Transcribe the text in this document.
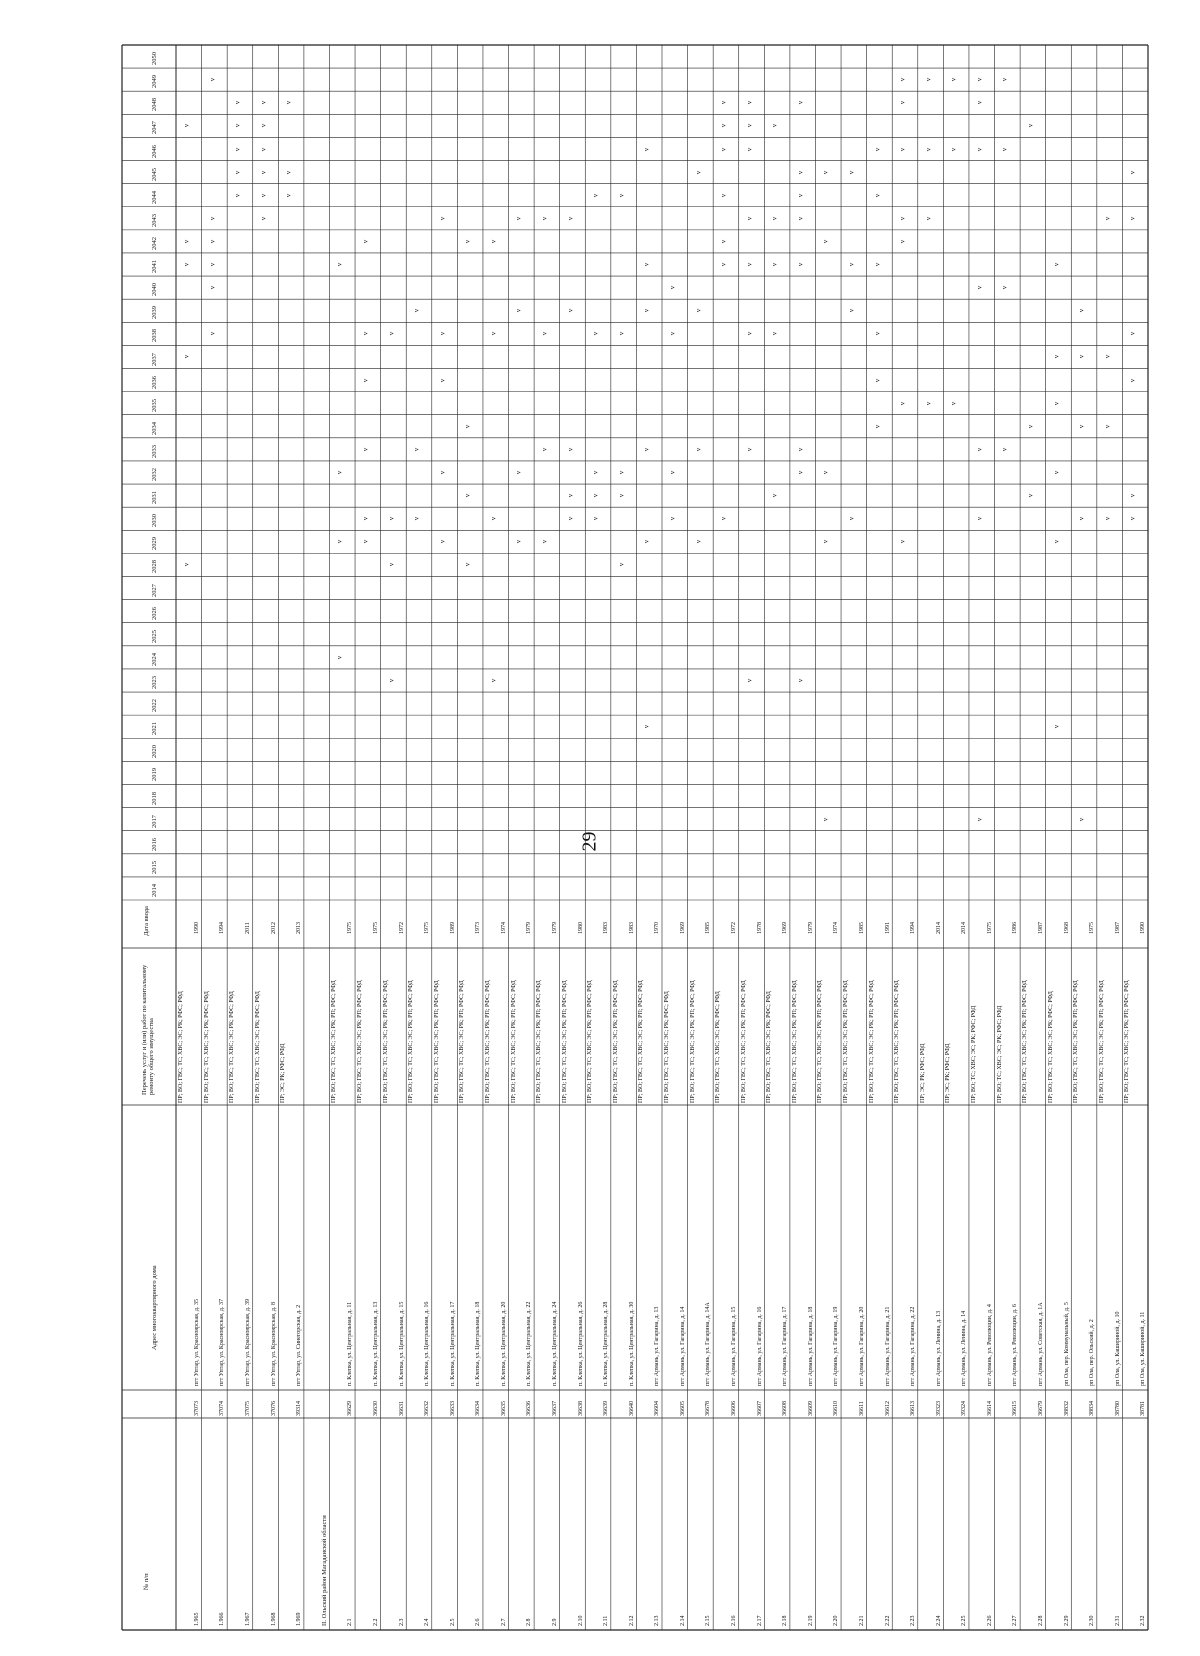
29
№ п/п
Адрес многоквартирного дома
Перечень услуг и (или) работ по капитальному ремонту общего имущества
Дата ввода
2014
2015
2016
2017
2018
2019
2020
2021
2022
2023
2024
2025
2026
2027
2028
2029
2030
2031
2032
2033
2034
2035
2036
2037
2038
2039
2040
2041
2042
2043
2044
2045
2046
2047
2048
2049
2050
II. Ольский район Магаданской области
1.965
37073
пгт Уптар, ул. Красноярская, д. 35
ПР; ВО; ГВС; ТС; ХВС; ЭС; РК; РФС; РФД
1990
v
v
v
v
v
1.966
37074
пгт Уптар, ул. Красноярская, д. 37
ПР; ВО; ГВС; ТС; ХВС; ЭС; РК; РФС; РФД
1994
v
v
v
v
v
v
1.967
37075
пгт Уптар, ул. Красноярская, д. 39
ПР; ВО; ГВС; ТС; ХВС; ЭС; РК; РФС; РФД
2011
v
v
v
v
v
1.968
37076
пгт Уптар, ул. Красноярская, д. 8
ПР; ВО; ГВС; ТС; ХВС; ЭС; РК; РФС; РФД
2012
v
v
v
v
v
v
1.969
39314
пгт Уптар, ул. Синегорская, д. 2
ПР; ЭС; РК; РФС; РФД
2013
v
v
v
2.1
36629
п. Клепка, ул. Центральная, д. 11
ПР; ВО; ГВС; ТС; ХВС; ЭС; РК; РП; РФС; РФД
1975
v
v
v
v
2.2
36630
п. Клепка, ул. Центральная, д. 13
ПР; ВО; ГВС; ТС; ХВС; ЭС; РК; РП; РФС; РФД
1975
v
v
v
v
v
v
2.3
36631
п. Клепка, ул. Центральная, д. 15
ПР; ВО; ГВС; ТС; ХВС; ЭС; РК; РП; РФС; РФД
1972
v
v
v
v
2.4
36632
п. Клепка, ул. Центральная, д. 16
ПР; ВО; ГВС; ТС; ХВС; ЭС; РК; РП; РФС; РФД
1975
v
v
v
2.5
36633
п. Клепка, ул. Центральная, д. 17
ПР; ВО; ГВС; ТС; ХВС; ЭС; РК; РП; РФС; РФД
1989
v
v
v
v
v
2.6
36634
п. Клепка, ул. Центральная, д. 18
ПР; ВО; ГВС; ТС; ХВС; ЭС; РК; РП; РФС; РФД
1973
v
v
v
v
2.7
36635
п. Клепка, ул. Центральная, д. 20
ПР; ВО; ГВС; ТС; ХВС; ЭС; РК; РП; РФС; РФД
1974
v
v
v
v
2.8
36636
п. Клепка, ул. Центральная, д. 22
ПР; ВО; ГВС; ТС; ХВС; ЭС; РК; РП; РФС; РФД
1979
v
v
v
v
2.9
36637
п. Клепка, ул. Центральная, д. 24
ПР; ВО; ГВС; ТС; ХВС; ЭС; РК; РП; РФС; РФД
1979
v
v
v
v
2.10
36638
п. Клепка, ул. Центральная, д. 26
ПР; ВО; ГВС; ТС; ХВС; ЭС; РК; РП; РФС; РФД
1980
v
v
v
v
v
2.11
36639
п. Клепка, ул. Центральная, д. 28
ПР; ВО; ГВС; ТС; ХВС; ЭС; РК; РП; РФС; РФД
1983
v
v
v
v
v
2.12
36640
п. Клепка, ул. Центральная, д. 30
ПР; ВО; ГВС; ТС; ХВС; ЭС; РК; РП; РФС; РФД
1983
v
v
v
v
v
2.13
36604
пгт Армань, ул. Гагарина, д. 13
ПР; ВО; ГВС; ТС; ХВС; ЭС; РК; РП; РФС; РФД
1970
v
v
v
v
v
v
2.14
36605
пгт Армань, ул. Гагарина, д. 14
ПР; ВО; ГВС; ТС; ХВС; ЭС; РК; РФС; РФД
1969
v
v
v
v
2.15
36678
пгт Армань, ул. Гагарина, д. 14А
ПР; ВО; ГВС; ТС; ХВС; ЭС; РК; РП; РФС; РФД
1985
v
v
v
v
2.16
36606
пгт Армань, ул. Гагарина, д. 15
ПР; ВО; ГВС; ТС; ХВС; ЭС; РК; РФС; РФД
1972
v
v
v
v
v
v
v
2.17
36607
пгт Армань, ул. Гагарина, д. 16
ПР; ВО; ГВС; ТС; ХВС; ЭС; РК; РП; РФС; РФД
1978
v
v
v
v
v
v
v
v
2.18
36608
пгт Армань, ул. Гагарина, д. 17
ПР; ВО; ГВС; ТС; ХВС; ЭС; РК; РФС; РФД
1969
v
v
v
v
v
2.19
36609
пгт Армань, ул. Гагарина, д. 18
ПР; ВО; ГВС; ТС; ХВС; ЭС; РК; РП; РФС; РФД
1979
v
v
v
v
v
v
v
v
2.20
36610
пгт Армань, ул. Гагарина, д. 19
ПР; ВО; ГВС; ТС; ХВС; ЭС; РК; РП; РФС; РФД
1974
v
v
v
v
v
2.21
36611
пгт Армань, ул. Гагарина, д. 20
ПР; ВО; ГВС; ТС; ХВС; ЭС; РК; РП; РФС; РФД
1985
v
v
v
v
2.22
36612
пгт Армань, ул. Гагарина, д. 21
ПР; ВО; ГВС; ТС; ХВС; ЭС; РК; РП; РФС; РФД
1991
v
v
v
v
v
v
2.23
36613
пгт Армань, ул. Гагарина, д. 22
ПР; ВО; ГВС; ТС; ХВС; ЭС; РК; РП; РФС; РФД
1994
v
v
v
v
v
v
v
2.24
39323
пгт Армань, ул. Ленина, д. 13
ПР; ЭС; РК; РФС; РФД
2014
v
v
v
v
2.25
39324
пгт Армань, ул. Ленина, д. 14
ПР; ЭС; РК; РФС; РФД
2014
v
v
v
2.26
36614
пгт Армань, ул. Революции, д. 4
ПР; ВО; ТС; ХВС; ЭС; РК; РФС; РФД
1975
v
v
v
v
v
v
v
2.27
36615
пгт Армань, ул. Революции, д. 6
ПР; ВО; ТС; ХВС; ЭС; РК; РФС; РФД
1986
v
v
v
v
2.28
36679
пгт Армань, ул. Советская, д. 1А
ПР; ВО; ГВС; ТС; ХВС; ЭС; РК; РП; РФС; РФД
1987
v
v
v
2.29
38832
рп Ола, пер. Коммунальный, д. 5
ПР; ВО; ГВС; ТС; ХВС; ЭС; РК; РФС; РФД
1968
v
v
v
v
v
v
2.30
38834
рп Ола, пер. Ольский, д. 2
ПР; ВО; ГВС; ТС; ХВС; ЭС; РК; РП; РФС; РФД
1975
v
v
v
v
v
2.31
38780
рп Ола, ул. Кашириной, д. 10
ПР; ВО; ГВС; ТС; ХВС; ЭС; РК; РП; РФС; РФД
1987
v
v
v
v
2.32
38781
рп Ола, ул. Кашириной, д. 11
ПР; ВО; ГВС; ТС; ХВС; ЭС; РК; РП; РФС; РФД
1990
v
v
v
v
v
v
